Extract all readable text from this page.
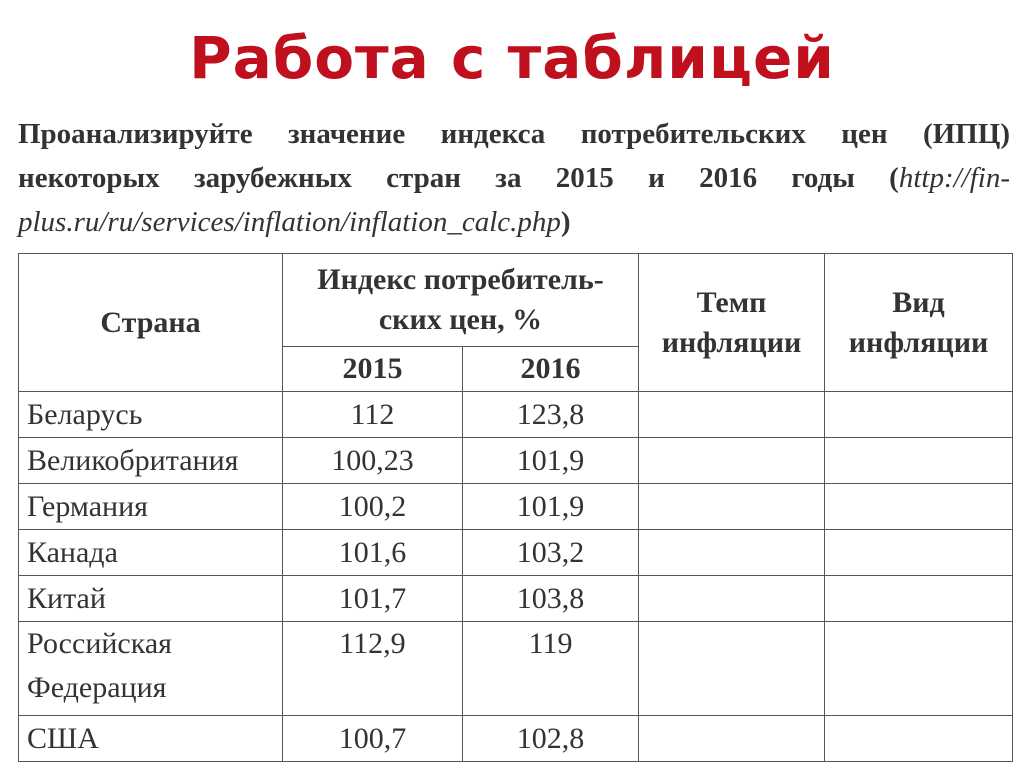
Работа с таблицей
Проанализируйте значение индекса потребительских цен (ИПЦ) некоторых зарубежных стран за 2015 и 2016 годы (http://fin-plus.ru/ru/services/inflation/inflation_calc.php)
Страна	Индекс потребитель-ских цен, %		Темп инфляции	Вид инфляции
	2015	2016		
Беларусь	112	123,8		
Великобритания	100,23	101,9		
Германия	100,2	101,9		
Канада	101,6	103,2		
Китай	101,7	103,8		
Российская Федерация	112,9	119		
США	100,7	102,8		
